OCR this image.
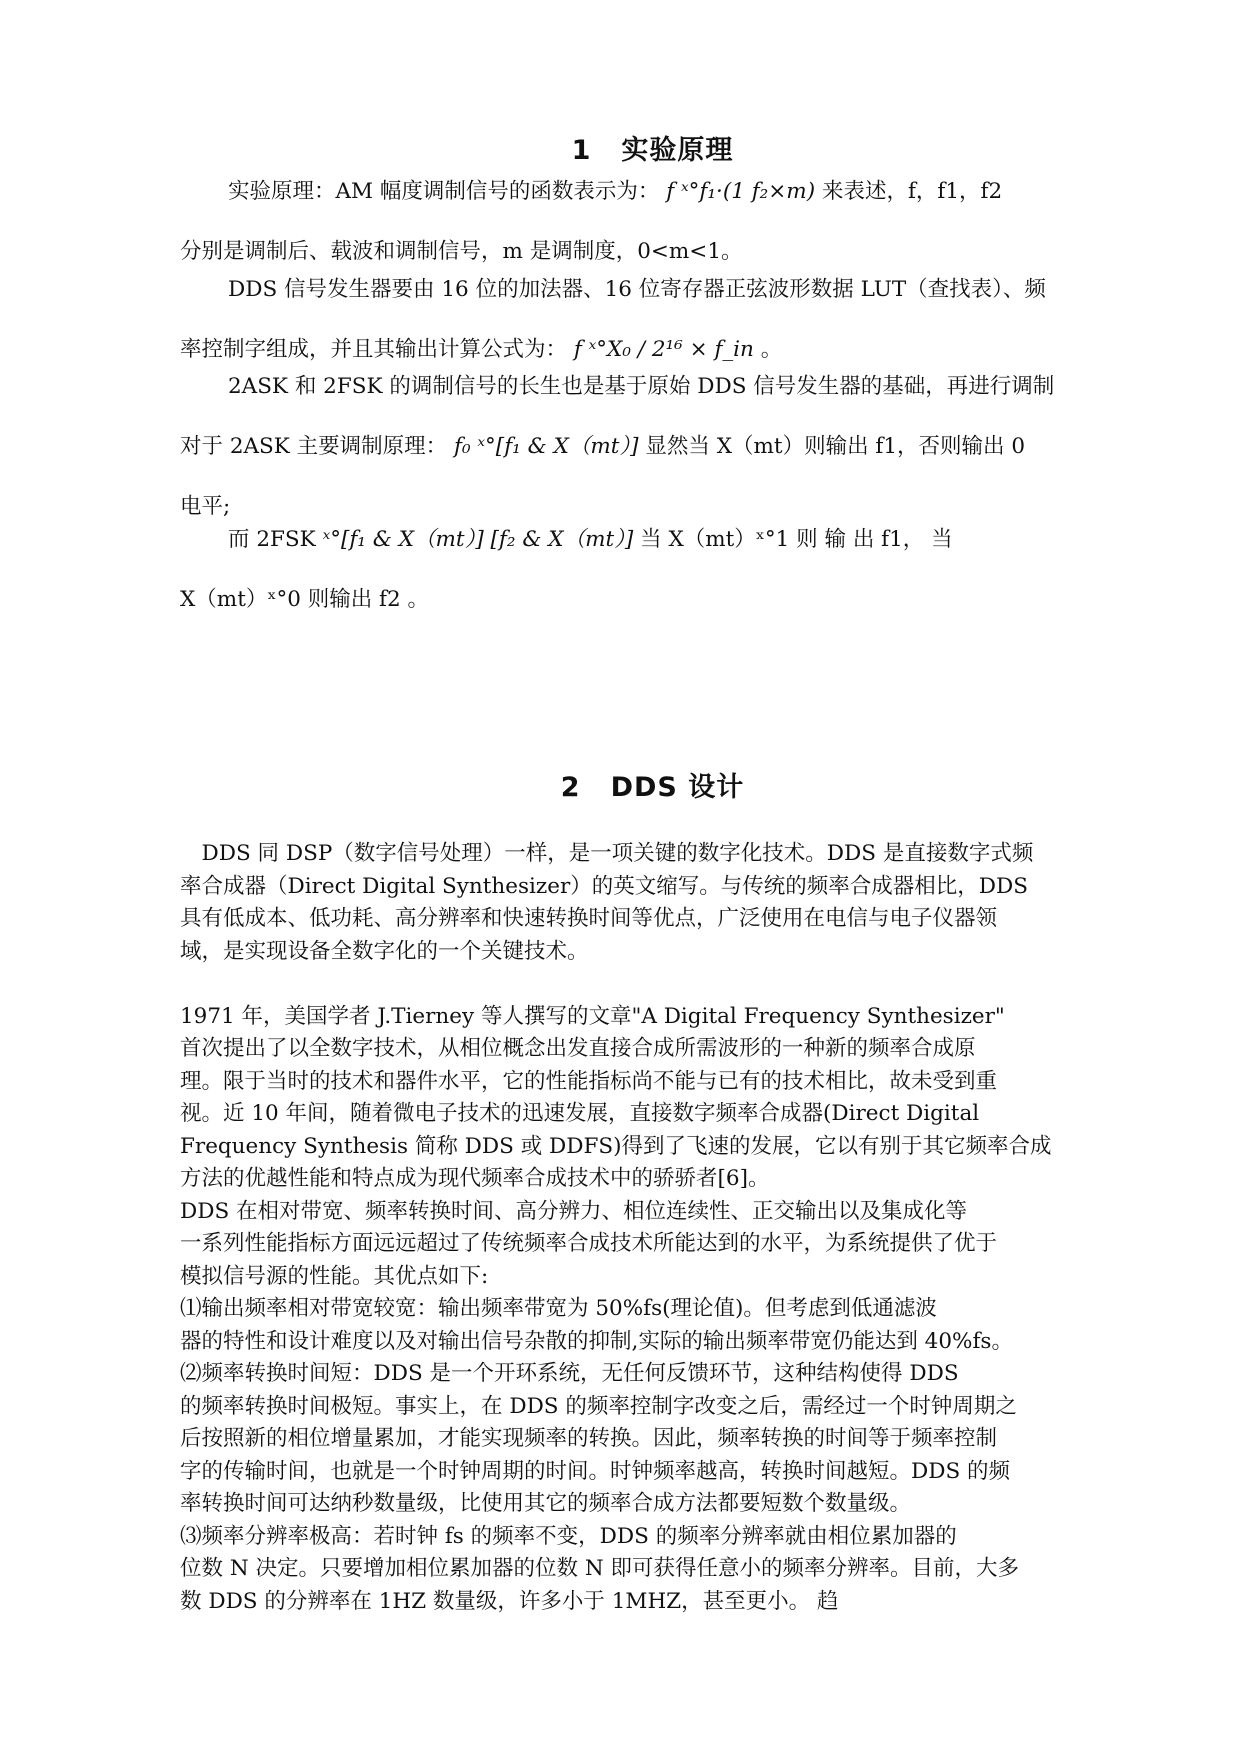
1 实验原理
实验原理：AM 幅度调制信号的函数表示为： f ˣ°f₁·(1 f₂×m) 来表述，f，f1，f2
分别是调制后、载波和调制信号，m 是调制度，0<m<1。
DDS 信号发生器要由 16 位的加法器、16 位寄存器正弦波形数据 LUT（查找表）、频
率控制字组成，并且其输出计算公式为： f ˣ°X₀ / 2¹⁶ × f_in 。
2ASK 和 2FSK 的调制信号的长生也是基于原始 DDS 信号发生器的基础，再进行调制
对于 2ASK 主要调制原理： f₀ ˣ°[f₁ & X（mt）] 显然当 X（mt）则输出 f1，否则输出 0
电平;
而 2FSK ˣ°[f₁ & X（mt）] [f₂ & X（mt）] 当 X（mt）ˣ°1 则 输 出 f1， 当
X（mt）ˣ°0 则输出 f2 。
2 DDS 设计
　DDS 同 DSP（数字信号处理）一样，是一项关键的数字化技术。DDS 是直接数字式频
率合成器（Direct Digital Synthesizer）的英文缩写。与传统的频率合成器相比，DDS
具有低成本、低功耗、高分辨率和快速转换时间等优点，广泛使用在电信与电子仪器领
域，是实现设备全数字化的一个关键技术。

1971 年，美国学者 J.Tierney 等人撰写的文章"A Digital Frequency Synthesizer"
首次提出了以全数字技术，从相位概念出发直接合成所需波形的一种新的频率合成原
理。限于当时的技术和器件水平，它的性能指标尚不能与已有的技术相比，故未受到重
视。近 10 年间，随着微电子技术的迅速发展，直接数字频率合成器(Direct Digital
Frequency Synthesis 简称 DDS 或 DDFS)得到了飞速的发展，它以有别于其它频率合成
方法的优越性能和特点成为现代频率合成技术中的骄骄者[6]。
DDS 在相对带宽、频率转换时间、高分辨力、相位连续性、正交输出以及集成化等
一系列性能指标方面远远超过了传统频率合成技术所能达到的水平，为系统提供了优于
模拟信号源的性能。其优点如下:
⑴输出频率相对带宽较宽：输出频率带宽为 50%fs(理论值)。但考虑到低通滤波
器的特性和设计难度以及对输出信号杂散的抑制,实际的输出频率带宽仍能达到 40%fs。
⑵频率转换时间短：DDS 是一个开环系统，无任何反馈环节，这种结构使得 DDS
的频率转换时间极短。事实上，在 DDS 的频率控制字改变之后，需经过一个时钟周期之
后按照新的相位增量累加，才能实现频率的转换。因此，频率转换的时间等于频率控制
字的传输时间，也就是一个时钟周期的时间。时钟频率越高，转换时间越短。DDS 的频
率转换时间可达纳秒数量级，比使用其它的频率合成方法都要短数个数量级。
⑶频率分辨率极高：若时钟 fs 的频率不变，DDS 的频率分辨率就由相位累加器的
位数 N 决定。只要增加相位累加器的位数 N 即可获得任意小的频率分辨率。目前，大多
数 DDS 的分辨率在 1HZ 数量级，许多小于 1MHZ，甚至更小。 趋
